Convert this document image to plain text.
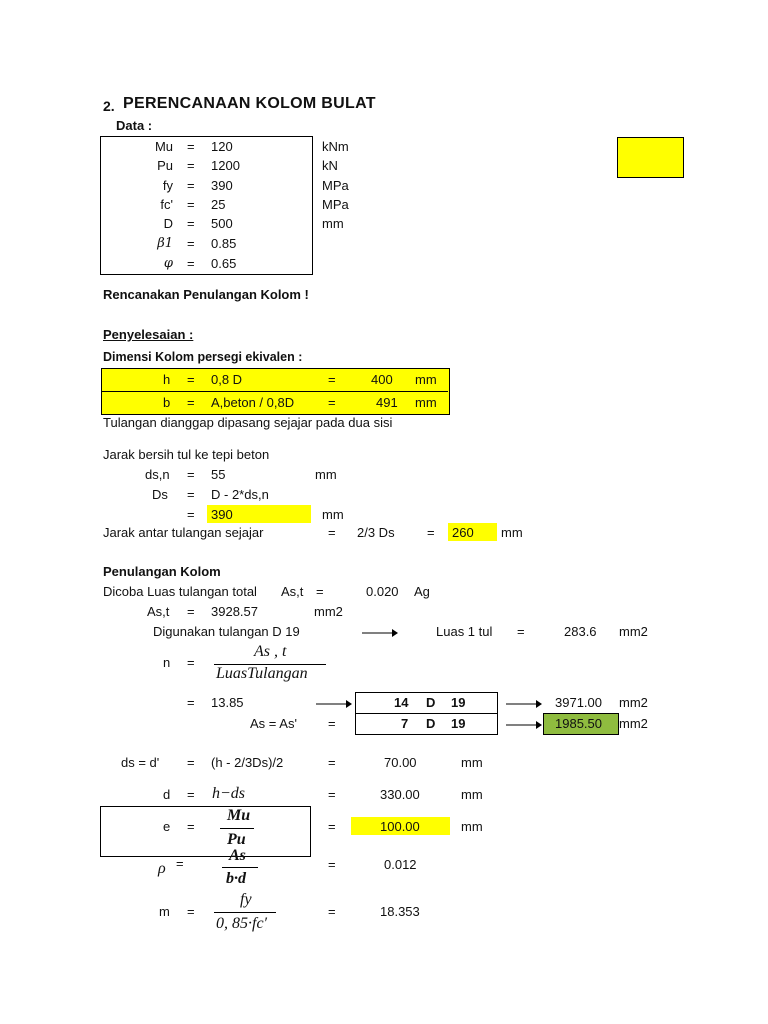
2. PERENCANAAN KOLOM BULAT
Data :
Mu = 120	kNm
Pu = 1200	kN
fy = 390	MPa
fc' = 25	MPa
D = 500	mm
β1 = 0.85
φ = 0.65
Rencanakan Penulangan Kolom !
Penyelesaian :
Dimensi Kolom persegi ekivalen :
h = 0,8 D	=	400 mm
b = A,beton / 0,8D	=	491 mm
Tulangan dianggap dipasang sejajar pada dua sisi
Jarak bersih tul ke tepi beton
ds,n = 55	mm
Ds = D - 2*ds,n
= 390	mm
Jarak antar tulangan sejajar	= 2/3 Ds = 260 mm
Penulangan Kolom
Dicoba Luas tulangan total As,t =	0.020 Ag
As,t = 3928.57	mm2
Digunakan tulangan D 19	Luas 1 tul =	283.6 mm2
n =
As , t
LuasTulangan
= 13.85	14 D 19	3971.00 mm2
As = As' =	7 D 19	1985.50 mm2
ds = d' = (h - 2/3Ds)/2	=	70.00	mm
d = h−ds	=	330.00	mm
e =
Mu
Pu
=	100.00	mm
ρ =	As
b·d
=	0.012
m =
fy
0, 85·fc′
=	18.353
